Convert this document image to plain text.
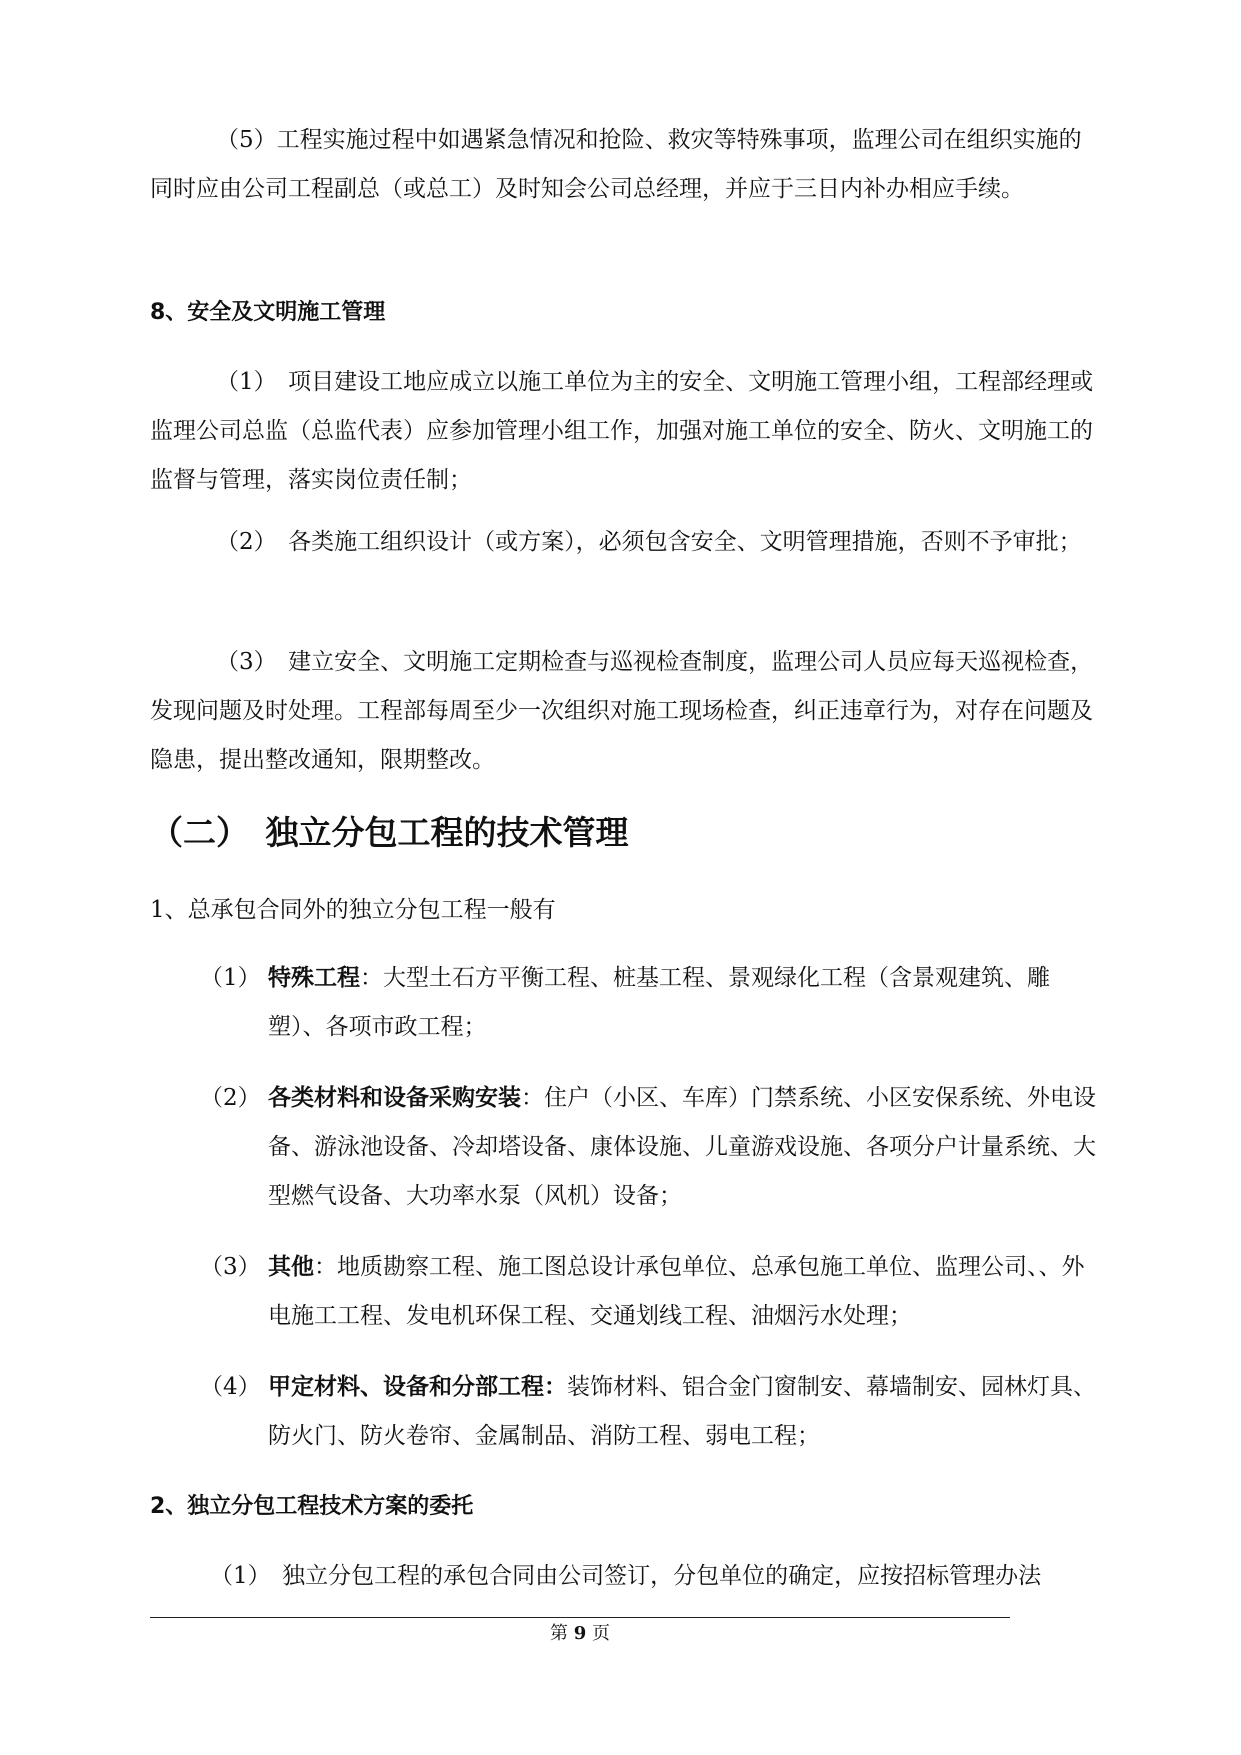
（5）工程实施过程中如遇紧急情况和抢险、救灾等特殊事项，监理公司在组织实施的同时应由公司工程副总（或总工）及时知会公司总经理，并应于三日内补办相应手续。

8、安全及文明施工管理

（1）　项目建设工地应成立以施工单位为主的安全、文明施工管理小组，工程部经理或监理公司总监（总监代表）应参加管理小组工作，加强对施工单位的安全、防火、文明施工的监督与管理，落实岗位责任制；

（2）　各类施工组织设计（或方案），必须包含安全、文明管理措施，否则不予审批；

（3）　建立安全、文明施工定期检查与巡视检查制度，监理公司人员应每天巡视检查，发现问题及时处理。工程部每周至少一次组织对施工现场检查，纠正违章行为，对存在问题及隐患，提出整改通知，限期整改。

（二）　独立分包工程的技术管理

1、总承包合同外的独立分包工程一般有

（1） 特殊工程：大型土石方平衡工程、桩基工程、景观绿化工程（含景观建筑、雕塑）、各项市政工程；
（2） 各类材料和设备采购安装：住户（小区、车库）门禁系统、小区安保系统、外电设备、游泳池设备、冷却塔设备、康体设施、儿童游戏设施、各项分户计量系统、大型燃气设备、大功率水泵（风机）设备；
（3） 其他：地质勘察工程、施工图总设计承包单位、总承包施工单位、监理公司、、外电施工工程、发电机环保工程、交通划线工程、油烟污水处理；
（4） 甲定材料、设备和分部工程：装饰材料、铝合金门窗制安、幕墙制安、园林灯具、防火门、防火卷帘、金属制品、消防工程、弱电工程；

2、独立分包工程技术方案的委托

（1）　独立分包工程的承包合同由公司签订，分包单位的确定，应按招标管理办法

第 9 页
